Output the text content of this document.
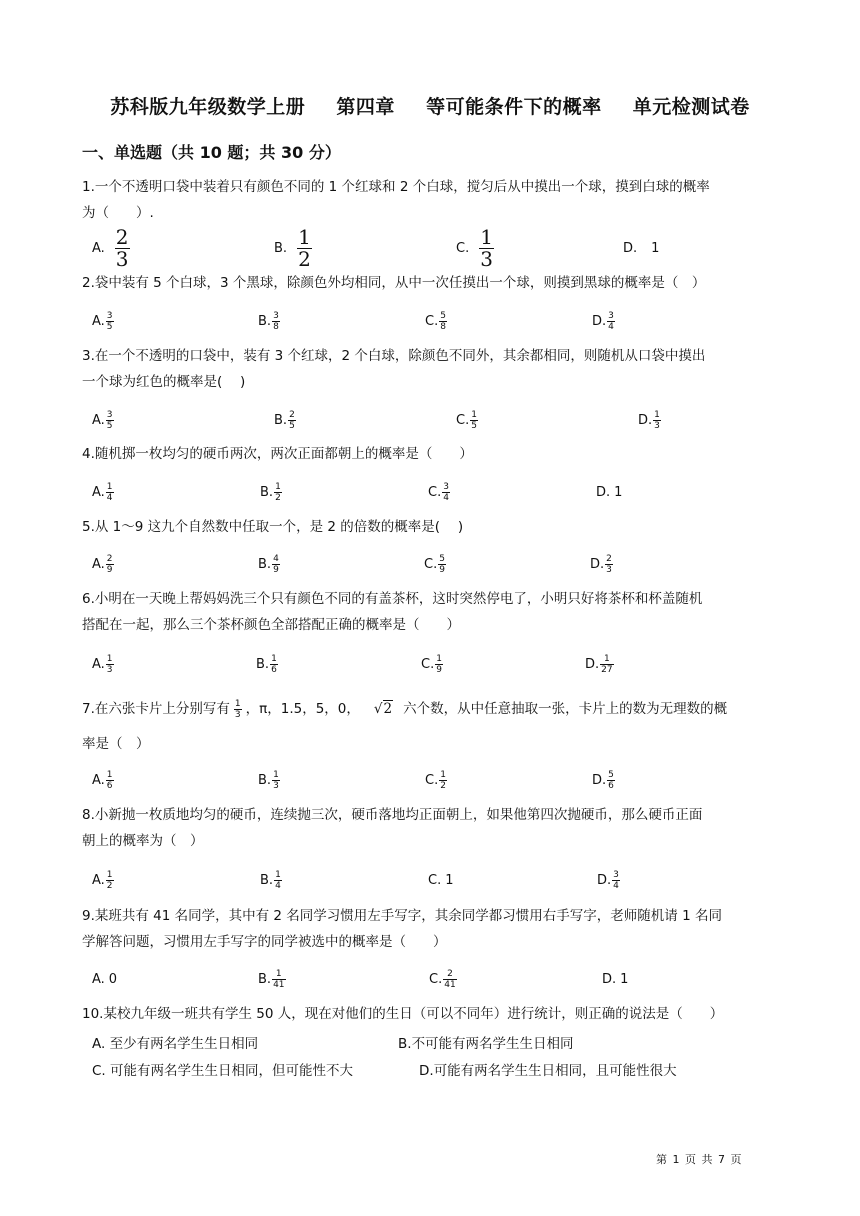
苏科版九年级数学上册 第四章 等可能条件下的概率 单元检测试卷
一、单选题（共 10 题；共 30 分）
1.一个不透明口袋中装着只有颜色不同的 1 个红球和 2 个白球，搅匀后从中摸出一个球，摸到白球的概率
为（　　）.
A. $\frac{2}{3}$	B. $\frac{1}{2}$	C. $\frac{1}{3}$	D. 1
2.袋中装有 5 个白球，3 个黑球，除颜色外均相同，从中一次任摸出一个球，则摸到黑球的概率是（　）
A. $\frac{3}{5}$	B. $\frac{3}{8}$	C. $\frac{5}{8}$	D. $\frac{3}{4}$
3.在一个不透明的口袋中，装有 3 个红球，2 个白球，除颜色不同外，其余都相同，则随机从口袋中摸出
一个球为红色的概率是(　 )
A. $\frac{3}{5}$	B. $\frac{2}{5}$	C. $\frac{1}{5}$	D. $\frac{1}{3}$
4.随机掷一枚均匀的硬币两次，两次正面都朝上的概率是（　　）
A. $\frac{1}{4}$	B. $\frac{1}{2}$	C. $\frac{3}{4}$	D. 1
5.从 1～9 这九个自然数中任取一个，是 2 的倍数的概率是(　 )
A. $\frac{2}{9}$	B. $\frac{4}{9}$	C. $\frac{5}{9}$	D. $\frac{2}{3}$
6.小明在一天晚上帮妈妈洗三个只有颜色不同的有盖茶杯，这时突然停电了，小明只好将茶杯和杯盖随机
搭配在一起，那么三个茶杯颜色全部搭配正确的概率是（　　）
A. $\frac{1}{3}$	B. $\frac{1}{6}$	C. $\frac{1}{9}$	D. $\frac{1}{27}$
7.在六张卡片上分别写有 $\frac{1}{3}$ ，π，1.5，5，0， √2 六个数，从中任意抽取一张，卡片上的数为无理数的概
率是（　）
A. $\frac{1}{6}$	B. $\frac{1}{3}$	C. $\frac{1}{2}$	D. $\frac{5}{6}$
8.小新抛一枚质地均匀的硬币，连续抛三次，硬币落地均正面朝上，如果他第四次抛硬币，那么硬币正面
朝上的概率为（　）
A. $\frac{1}{2}$	B. $\frac{1}{4}$	C. 1	D. $\frac{3}{4}$
9.某班共有 41 名同学，其中有 2 名同学习惯用左手写字，其余同学都习惯用右手写字，老师随机请 1 名同
学解答问题，习惯用左手写字的同学被选中的概率是（　　）
A. 0	B. $\frac{1}{41}$	C. $\frac{2}{41}$	D. 1
10.某校九年级一班共有学生 50 人，现在对他们的生日（可以不同年）进行统计，则正确的说法是（　　）
A. 至少有两名学生生日相同	B.不可能有两名学生生日相同
C. 可能有两名学生生日相同，但可能性不大	D.可能有两名学生生日相同，且可能性很大
第 1 页 共 7 页
